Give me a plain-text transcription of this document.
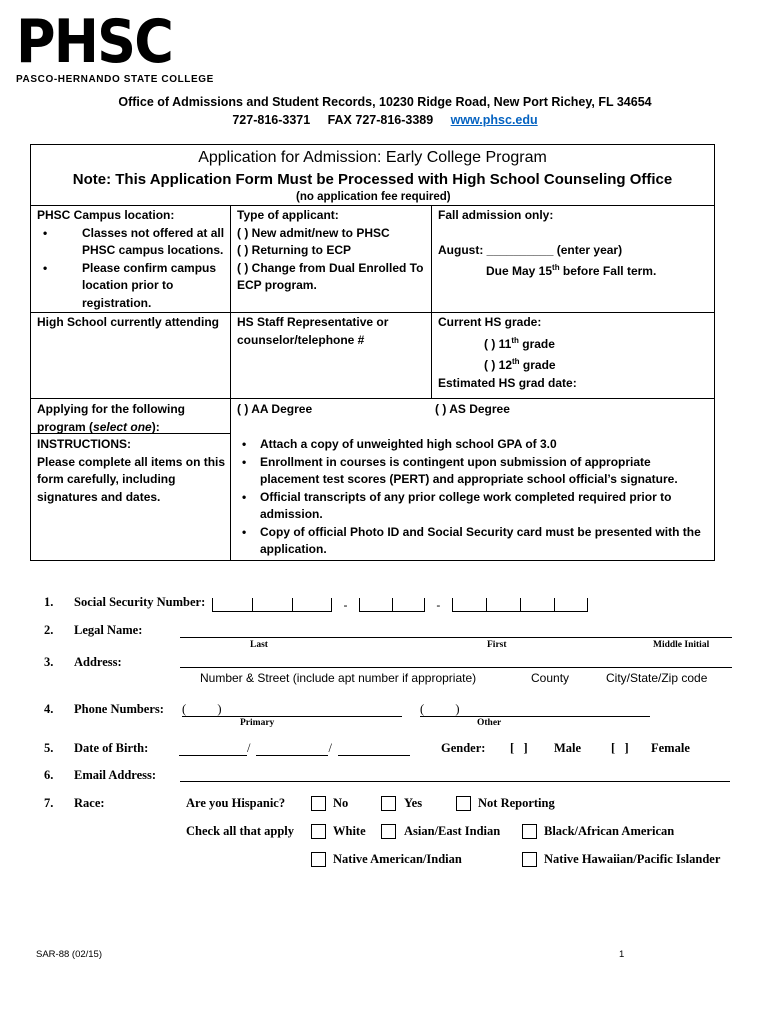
PHSC
PASCO-HERNANDO STATE COLLEGE
Office of Admissions and Student Records, 10230 Ridge Road, New Port Richey, FL 34654
727-816-3371 FAX 727-816-3389 www.phsc.edu
Application for Admission: Early College Program
Note: This Application Form Must be Processed with High School Counseling Office
(no application fee required)
PHSC Campus location:
• Classes not offered at all PHSC campus locations.
• Please confirm campus location prior to registration.
Type of applicant:
( ) New admit/new to PHSC
( ) Returning to ECP
( ) Change from Dual Enrolled To ECP program.
Fall admission only:
August: __________ (enter year)
Due May 15th before Fall term.
High School currently attending	HS Staff Representative or counselor/telephone #
Current HS grade:
( ) 11th grade
( ) 12th grade
Estimated HS grad date:
Applying for the following program (select one):
( ) AA Degree	( ) AS Degree
INSTRUCTIONS:
Please complete all items on this form carefully, including signatures and dates.
• Attach a copy of unweighted high school GPA of 3.0
• Enrollment in courses is contingent upon submission of appropriate placement test scores (PERT) and appropriate school official’s signature.
• Official transcripts of any prior college work completed required prior to admission.
• Copy of official Photo ID and Social Security card must be presented with the application.
1. Social Security Number:	-	-
2. Legal Name:
Last	First	Middle Initial
3. Address:
Number & Street (include apt number if appropriate)	County	City/State/Zip code
4. Phone Numbers: (          )
Primary
(          )
Other
5. Date of Birth:	/	/	Gender: [   ] Male [   ] Female
6. Email Address:
7. Race:	Are you Hispanic?	No	Yes	Not Reporting
Check all that apply	White	Asian/East Indian	Black/African American
Native American/Indian	Native Hawaiian/Pacific Islander
SAR-88 (02/15)	1
